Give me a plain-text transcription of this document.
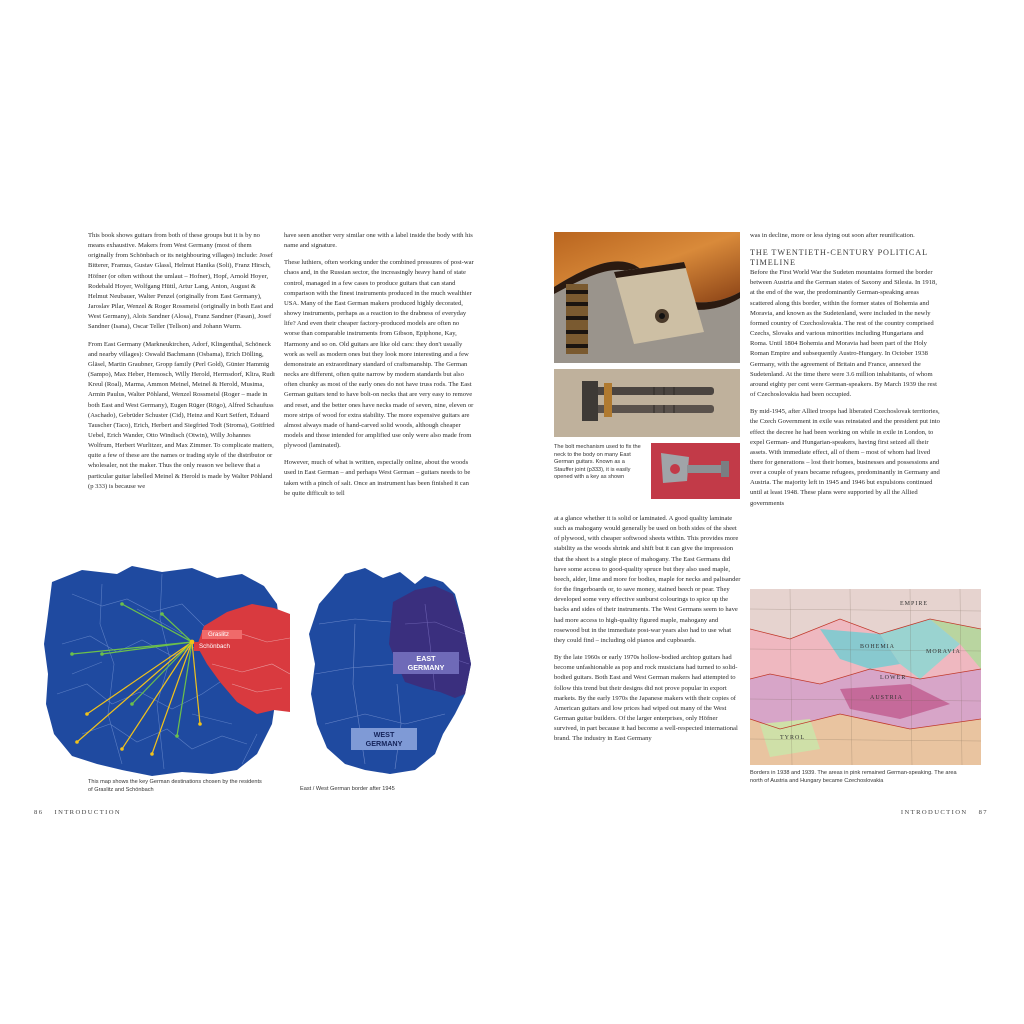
This book shows guitars from both of these groups but it is by no means exhaustive. Makers from West Germany (most of them originally from Schönbach or its neighbouring villages) include: Josef Bitterer, Framus, Gustav Glassl, Helmut Hanika (Soli), Franz Hirsch, Höfner (or often without the umlaut – Hofner), Hopf, Arnold Hoyer, Rodebald Hoyer, Wolfgang Hüttl, Artur Lang, Anton, August & Helmut Neubauer, Walter Penzel (originally from East Germany), Jaroslav Pilar, Wenzel & Roger Rossmeisl (originally in both East and West Germany), Alois Sandner (Alosa), Franz Sandner (Fasan), Josef Sandner (Isana), Oscar Teller (Tellson) and Johann Wurm.

From East Germany (Markneukirchen, Adorf, Klingenthal, Schöneck and nearby villages): Oswald Bachmann (Osbama), Erich Dölling, Gläsel, Martin Graubner, Gropp family (Perl Gold), Günter Hammig (Sampo), Max Heber, Hemosch, Willy Herold, Herrnsdorf, Klira, Rudi Kreul (Roal), Marma, Ammon Meinel, Meinel & Herold, Musima, Armin Paulus, Walter Pöhland, Wenzel Rossmeisl (Roger – made in both East and West Germany), Eugen Rüger (Rögo), Alfred Schaufuss (Aschado), Gebrüder Schuster (Cid), Heinz and Kurt Seifert, Eduard Tauscher (Taco), Erich, Herbert and Siegfried Todt (Stroma), Gottfried Uebel, Erich Wander, Otto Windisch (Otwin), Willy Johannes Wolfrum, Herbert Wurlitzer, and Max Zimmer. To complicate matters, quite a few of these are the names or trading style of the distributor or wholesaler, not the maker. Thus the only reason we believe that a particular guitar labelled Meinel & Herold is made by Walter Pöhland (p 333) is because we

have seen another very similar one with a label inside the body with his name and signature.

These luthiers, often working under the combined pressures of post-war chaos and, in the Russian sector, the increasingly heavy hand of state control, managed in a few cases to produce guitars that can stand comparison with the finest instruments produced in the much wealthier USA. Many of the East German makers produced highly decorated, showy instruments, perhaps as a reaction to the drabness of everyday life? And even their cheaper factory-produced models are often no worse than comparable instruments from Gibson, Epiphone, Kay, Harmony and so on. Old guitars are like old cars: they don't usually work as well as modern ones but they look more interesting and a few demonstrate an extraordinary standard of craftsmanship. The German necks are different, often quite narrow by modern standards but also often chunky as most of the early ones do not have truss rods. The East German guitars tend to have bolt-on necks that are very easy to remove and reset, and the better ones have necks made of seven, nine, eleven or more strips of wood for extra stability. The more expensive guitars are almost always made of hand-carved solid woods, although cheaper models and those intended for amplified use only were also made from plywood (laminated).

However, much of what is written, especially online, about the woods used in East German – and perhaps West German – guitars needs to be taken with a pinch of salt. Once an instrument has been finished it can be quite difficult to tell

Graslitz
Schönbach
This map shows the key German destinations chosen by the residents of Graslitz and Schönbach
EAST
GERMANY
WEST
GERMANY
East / West German border after 1945
86 INTRODUCTION
The bolt mechanism used to fix the neck to the body on many East German guitars. Known as a Stauffer joint (p333), it is easily opened with a key as shown

at a glance whether it is solid or laminated. A good quality laminate such as mahogany would generally be used on both sides of the sheet of plywood, with cheaper softwood sheets within. This provides more stability as the woods shrink and shift but it can give the impression that the sheet is a single piece of mahogany. The East Germans did have some access to good-quality spruce but they also used maple, beech, alder, lime and more for bodies, maple for necks and palisander for the fingerboards or, to save money, stained beech or pear. They developed some very effective sunburst colourings to spice up the backs and sides of their instruments. The West Germans seem to have had more access to high-quality figured maple, mahogany and rosewood but in the immediate post-war years also had to use what they could find – including old pianos and cupboards.

By the late 1960s or early 1970s hollow-bodied archtop guitars had become unfashionable as pop and rock musicians had turned to solid-bodied guitars. Both East and West German makers had attempted to follow this trend but their designs did not prove popular in export markets. By the early 1970s the Japanese makers with their copies of American guitars and low prices had wiped out many of the West German guitar builders. Of the larger enterprises, only Höfner survived, in part because it had become a well-respected international brand. The industry in East Germany

was in decline, more or less dying out soon after reunification.

THE TWENTIETH-CENTURY POLITICAL TIMELINE

Before the First World War the Sudeten mountains formed the border between Austria and the German states of Saxony and Silesia. In 1918, at the end of the war, the predominantly German-speaking areas scattered along this border, within the former states of Bohemia and Moravia, and known as the Sudetenland, were included in the newly formed country of Czechoslovakia. The rest of the country comprised Czechs, Slovaks and various minorities including Hungarians and Roma. Until 1804 Bohemia and Moravia had been part of the Holy Roman Empire and subsequently Austro-Hungary. In October 1938 Germany, with the agreement of Britain and France, annexed the Sudetenland. At the time there were 3.6 million inhabitants, of whom around eighty per cent were German-speakers. By March 1939 the rest of Czechoslovakia had been occupied.

By mid-1945, after Allied troops had liberated Czechoslovak territories, the Czech Government in exile was reinstated and the president put into effect the decree he had been working on while in exile in London, to expel German- and Hungarian-speakers, having first seized all their assets. With immediate effect, all of them – most of whom had lived there for generations – lost their homes, businesses and possessions and over a couple of years became refugees, predominantly in Germany and Austria. The majority left in 1945 and 1946 but expulsions continued until at least 1948. These plans were supported by all the Allied governments

EMPIRE
BOHEMIA
MORAVIA
LOWER
AUSTRIA
TYROL
Borders in 1938 and 1939. The areas in pink remained German-speaking. The area north of Austria and Hungary became Czechoslovakia
INTRODUCTION 87
